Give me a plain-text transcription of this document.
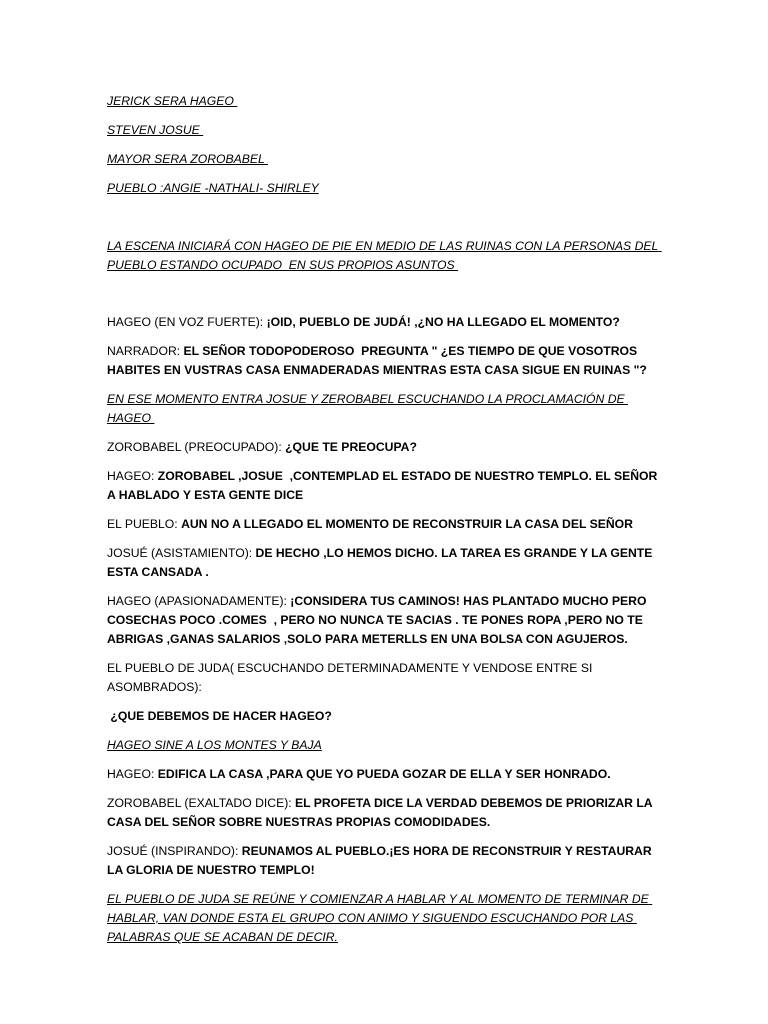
JERICK SERA HAGEO

STEVEN JOSUE

MAYOR SERA ZOROBABEL

PUEBLO :ANGIE -NATHALI- SHIRLEY

LA ESCENA INICIARÁ CON HAGEO DE PIE EN MEDIO DE LAS RUINAS CON LA PERSONAS DEL PUEBLO ESTANDO OCUPADO  EN SUS PROPIOS ASUNTOS

HAGEO (EN VOZ FUERTE): ¡OID, PUEBLO DE JUDÁ! ,¿NO HA LLEGADO EL MOMENTO?

NARRADOR: EL SEÑOR TODOPODEROSO  PREGUNTA " ¿ES TIEMPO DE QUE VOSOTROS HABITES EN VUSTRAS CASA ENMADERADAS MIENTRAS ESTA CASA SIGUE EN RUINAS "?

EN ESE MOMENTO ENTRA JOSUE Y ZEROBABEL ESCUCHANDO LA PROCLAMACIÓN DE HAGEO

ZOROBABEL (PREOCUPADO): ¿QUE TE PREOCUPA?

HAGEO: ZOROBABEL ,JOSUE  ,CONTEMPLAD EL ESTADO DE NUESTRO TEMPLO. EL SEÑOR A HABLADO Y ESTA GENTE DICE

EL PUEBLO: AUN NO A LLEGADO EL MOMENTO DE RECONSTRUIR LA CASA DEL SEÑOR

JOSUÉ (ASISTAMIENTO): DE HECHO ,LO HEMOS DICHO. LA TAREA ES GRANDE Y LA GENTE ESTA CANSADA .

HAGEO (APASIONADAMENTE): ¡CONSIDERA TUS CAMINOS! HAS PLANTADO MUCHO PERO COSECHAS POCO .COMES  , PERO NO NUNCA TE SACIAS . TE PONES ROPA ,PERO NO TE ABRIGAS ,GANAS SALARIOS ,SOLO PARA METERLLS EN UNA BOLSA CON AGUJEROS.

EL PUEBLO DE JUDA( ESCUCHANDO DETERMINADAMENTE Y VENDOSE ENTRE SI ASOMBRADOS):

¿QUE DEBEMOS DE HACER HAGEO?

HAGEO SINE A LOS MONTES Y BAJA

HAGEO: EDIFICA LA CASA ,PARA QUE YO PUEDA GOZAR DE ELLA Y SER HONRADO.

ZOROBABEL (EXALTADO DICE): EL PROFETA DICE LA VERDAD DEBEMOS DE PRIORIZAR LA CASA DEL SEÑOR SOBRE NUESTRAS PROPIAS COMODIDADES.

JOSUÉ (INSPIRANDO): REUNAMOS AL PUEBLO.¡ES HORA DE RECONSTRUIR Y RESTAURAR LA GLORIA DE NUESTRO TEMPLO!

EL PUEBLO DE JUDA SE REÚNE Y COMIENZAR A HABLAR Y AL MOMENTO DE TERMINAR DE HABLAR, VAN DONDE ESTA EL GRUPO CON ANIMO Y SIGUENDO ESCUCHANDO POR LAS PALABRAS QUE SE ACABAN DE DECIR.
